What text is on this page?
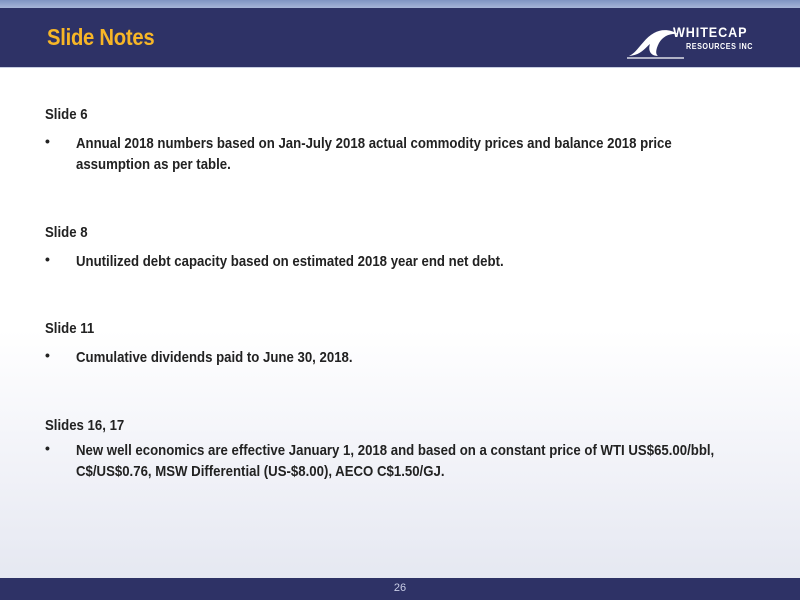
Slide Notes	WHITECAP
RESOURCES INC
Slide 6
• Annual 2018 numbers based on Jan-July 2018 actual commodity prices and balance 2018 price assumption as per table.
Slide 8
• Unutilized debt capacity based on estimated 2018 year end net debt.
Slide 11
• Cumulative dividends paid to June 30, 2018.
Slides 16, 17
• New well economics are effective January 1, 2018 and based on a constant price of WTI US$65.00/bbl, C$/US$0.76, MSW Differential (US-$8.00), AECO C$1.50/GJ.
26
